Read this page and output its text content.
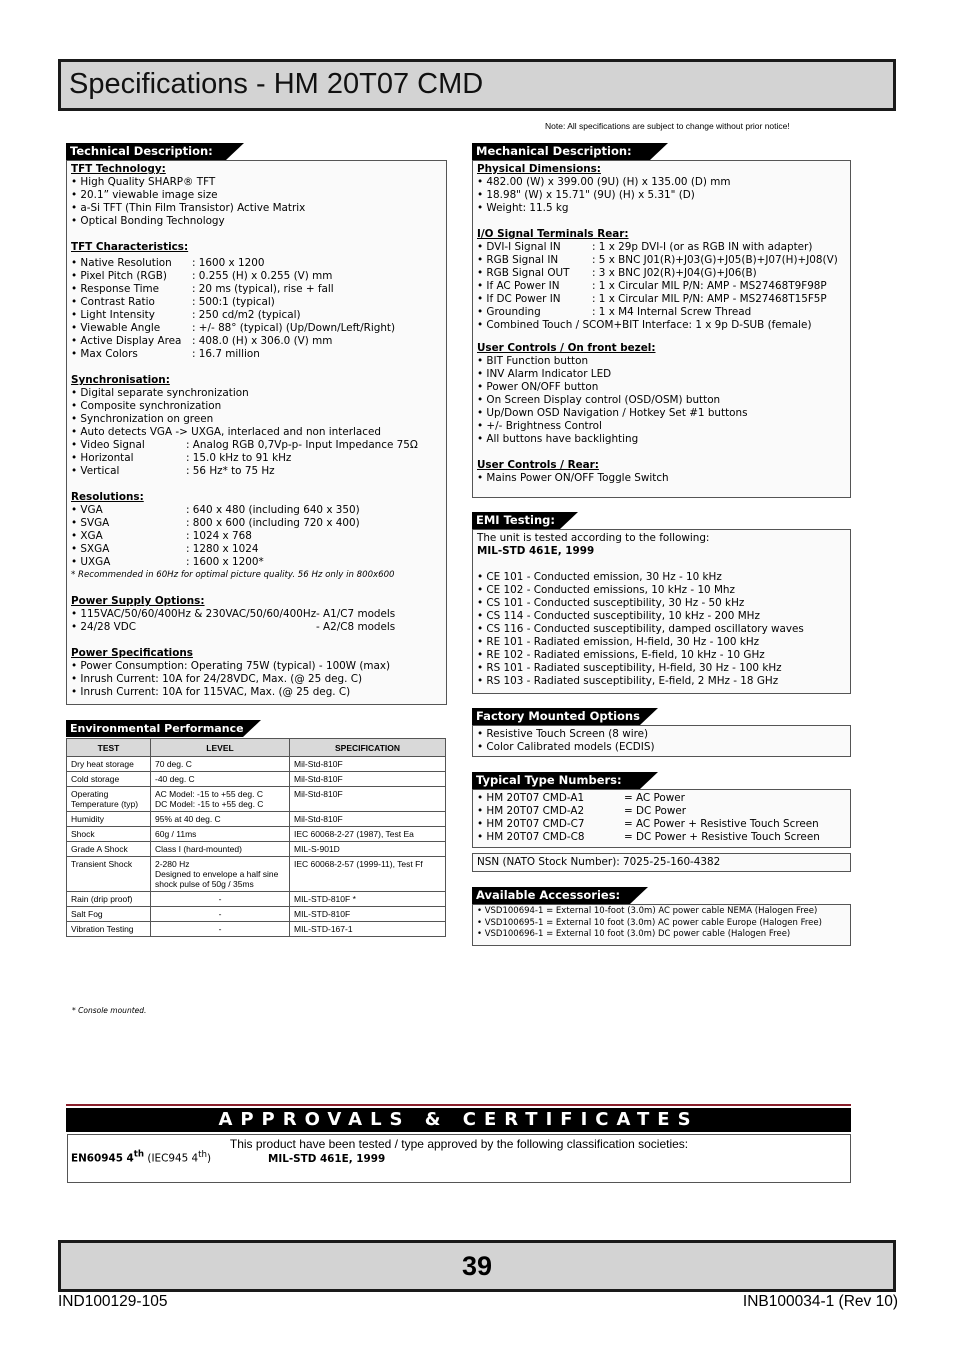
Specifications - HM 20T07 CMD
Note: All specifications are subject to change without prior notice!
Technical Description:
TFT Technology:
• High Quality SHARP® TFT
• 20.1” viewable image size
• a-Si TFT (Thin Film Transistor) Active Matrix
• Optical Bonding Technology
TFT Characteristics:
• Native Resolution	: 1600 x 1200
• Pixel Pitch (RGB)	: 0.255 (H) x 0.255 (V) mm
• Response Time	: 20 ms (typical), rise + fall
• Contrast Ratio	: 500:1 (typical)
• Light Intensity	: 250 cd/m2 (typical)
• Viewable Angle	: +/- 88° (typical) (Up/Down/Left/Right)
• Active Display Area	: 408.0 (H) x 306.0 (V) mm
• Max Colors	: 16.7 million
Synchronisation:
• Digital separate synchronization
• Composite synchronization
• Synchronization on green
• Auto detects VGA -> UXGA, interlaced and non interlaced
• Video Signal	: Analog RGB 0,7Vp-p- Input Impedance 75Ω
• Horizontal	: 15.0 kHz to 91 kHz
• Vertical	: 56 Hz* to 75 Hz
Resolutions:
• VGA	: 640 x 480 (including 640 x 350)
• SVGA	: 800 x 600 (including 720 x 400)
• XGA	: 1024 x 768
• SXGA	: 1280 x 1024
• UXGA	: 1600 x 1200*
* Recommended in 60Hz for optimal picture quality. 56 Hz only in 800x600
Power Supply Options:
• 115VAC/50/60/400Hz & 230VAC/50/60/400Hz - A1/C7 models
• 24/28 VDC	- A2/C8 models
Power Specifications
• Power Consumption: Operating 75W (typical) - 100W (max)
• Inrush Current: 10A for 24/28VDC, Max. (@ 25 deg. C)
• Inrush Current: 10A for 115VAC, Max. (@ 25 deg. C)
Environmental Performance:
TEST	LEVEL	SPECIFICATION
Dry heat storage	70 deg. C	Mil-Std-810F
Cold storage	-40 deg. C	Mil-Std-810F
Operating Temperature (typ)	AC Model: -15 to +55 deg. C
DC Model: -15 to +55 deg. C	Mil-Std-810F
Humidity	95% at 40 deg. C	Mil-Std-810F
Shock	60g / 11ms	IEC 60068-2-27 (1987), Test Ea
Grade A Shock	Class I (hard-mounted)	MIL-S-901D
Transient Shock	2-280 Hz
Designed to envelope a half sine shock pulse of 50g / 35ms	IEC 60068-2-57 (1999-11), Test Ff
Rain (drip proof)	-	MIL-STD-810F *
Salt Fog	-	MIL-STD-810F
Vibration Testing	-	MIL-STD-167-1
* Console mounted.
Mechanical Description:
Physical Dimensions:
• 482.00 (W) x 399.00 (9U) (H) x 135.00 (D) mm
• 18.98" (W) x 15.71" (9U) (H) x 5.31" (D)
• Weight: 11.5 kg
I/O Signal Terminals Rear:
• DVI-I Signal IN	: 1 x 29p DVI-I (or as RGB IN with adapter)
• RGB Signal IN	: 5 x BNC J01(R)+J03(G)+J05(B)+J07(H)+J08(V)
• RGB Signal OUT	: 3 x BNC J02(R)+J04(G)+J06(B)
• If AC Power IN	: 1 x Circular MIL P/N: AMP - MS27468T9F98P
• If DC Power IN	: 1 x Circular MIL P/N: AMP - MS27468T15F5P
• Grounding	: 1 x M4 Internal Screw Thread
• Combined Touch / SCOM+BIT Interface: 1 x 9p D-SUB (female)
User Controls / On front bezel:
• BIT Function button
• INV Alarm Indicator LED
• Power ON/OFF button
• On Screen Display control (OSD/OSM) button
• Up/Down OSD Navigation / Hotkey Set #1 buttons
• +/- Brightness Control
• All buttons have backlighting
User Controls / Rear:
• Mains Power ON/OFF Toggle Switch
EMI Testing:
The unit is tested according to the following:
MIL-STD 461E, 1999
• CE 101 - Conducted emission, 30 Hz - 10 kHz
• CE 102 - Conducted emissions, 10 kHz - 10 Mhz
• CS 101 - Conducted susceptibility, 30 Hz - 50 kHz
• CS 114 - Conducted susceptibility, 10 kHz - 200 MHz
• CS 116 - Conducted susceptibility, damped oscillatory waves
• RE 101 - Radiated emission, H-field, 30 Hz - 100 kHz
• RE 102 - Radiated emissions, E-field, 10 kHz - 10 GHz
• RS 101 - Radiated susceptibility, H-field, 30 Hz - 100 kHz
• RS 103 - Radiated susceptibility, E-field, 2 MHz - 18 GHz
Factory Mounted Options:
• Resistive Touch Screen (8 wire)
• Color Calibrated models (ECDIS)
Typical Type Numbers:
• HM 20T07 CMD-A1	= AC Power
• HM 20T07 CMD-A2	= DC Power
• HM 20T07 CMD-C7	= AC Power + Resistive Touch Screen
• HM 20T07 CMD-C8	= DC Power + Resistive Touch Screen
NSN (NATO Stock Number): 7025-25-160-4382
Available Accessories:
• VSD100694-1 = External 10-foot (3.0m) AC power cable NEMA (Halogen Free)
• VSD100695-1 = External 10 foot (3.0m) AC power cable Europe (Halogen Free)
• VSD100696-1 = External 10 foot (3.0m) DC power cable (Halogen Free)
APPROVALS & CERTIFICATES
This product have been tested / type approved by the following classification societies:
EN60945 4th (IEC945 4th)	MIL-STD 461E, 1999
39
IND100129-105	INB100034-1 (Rev 10)
